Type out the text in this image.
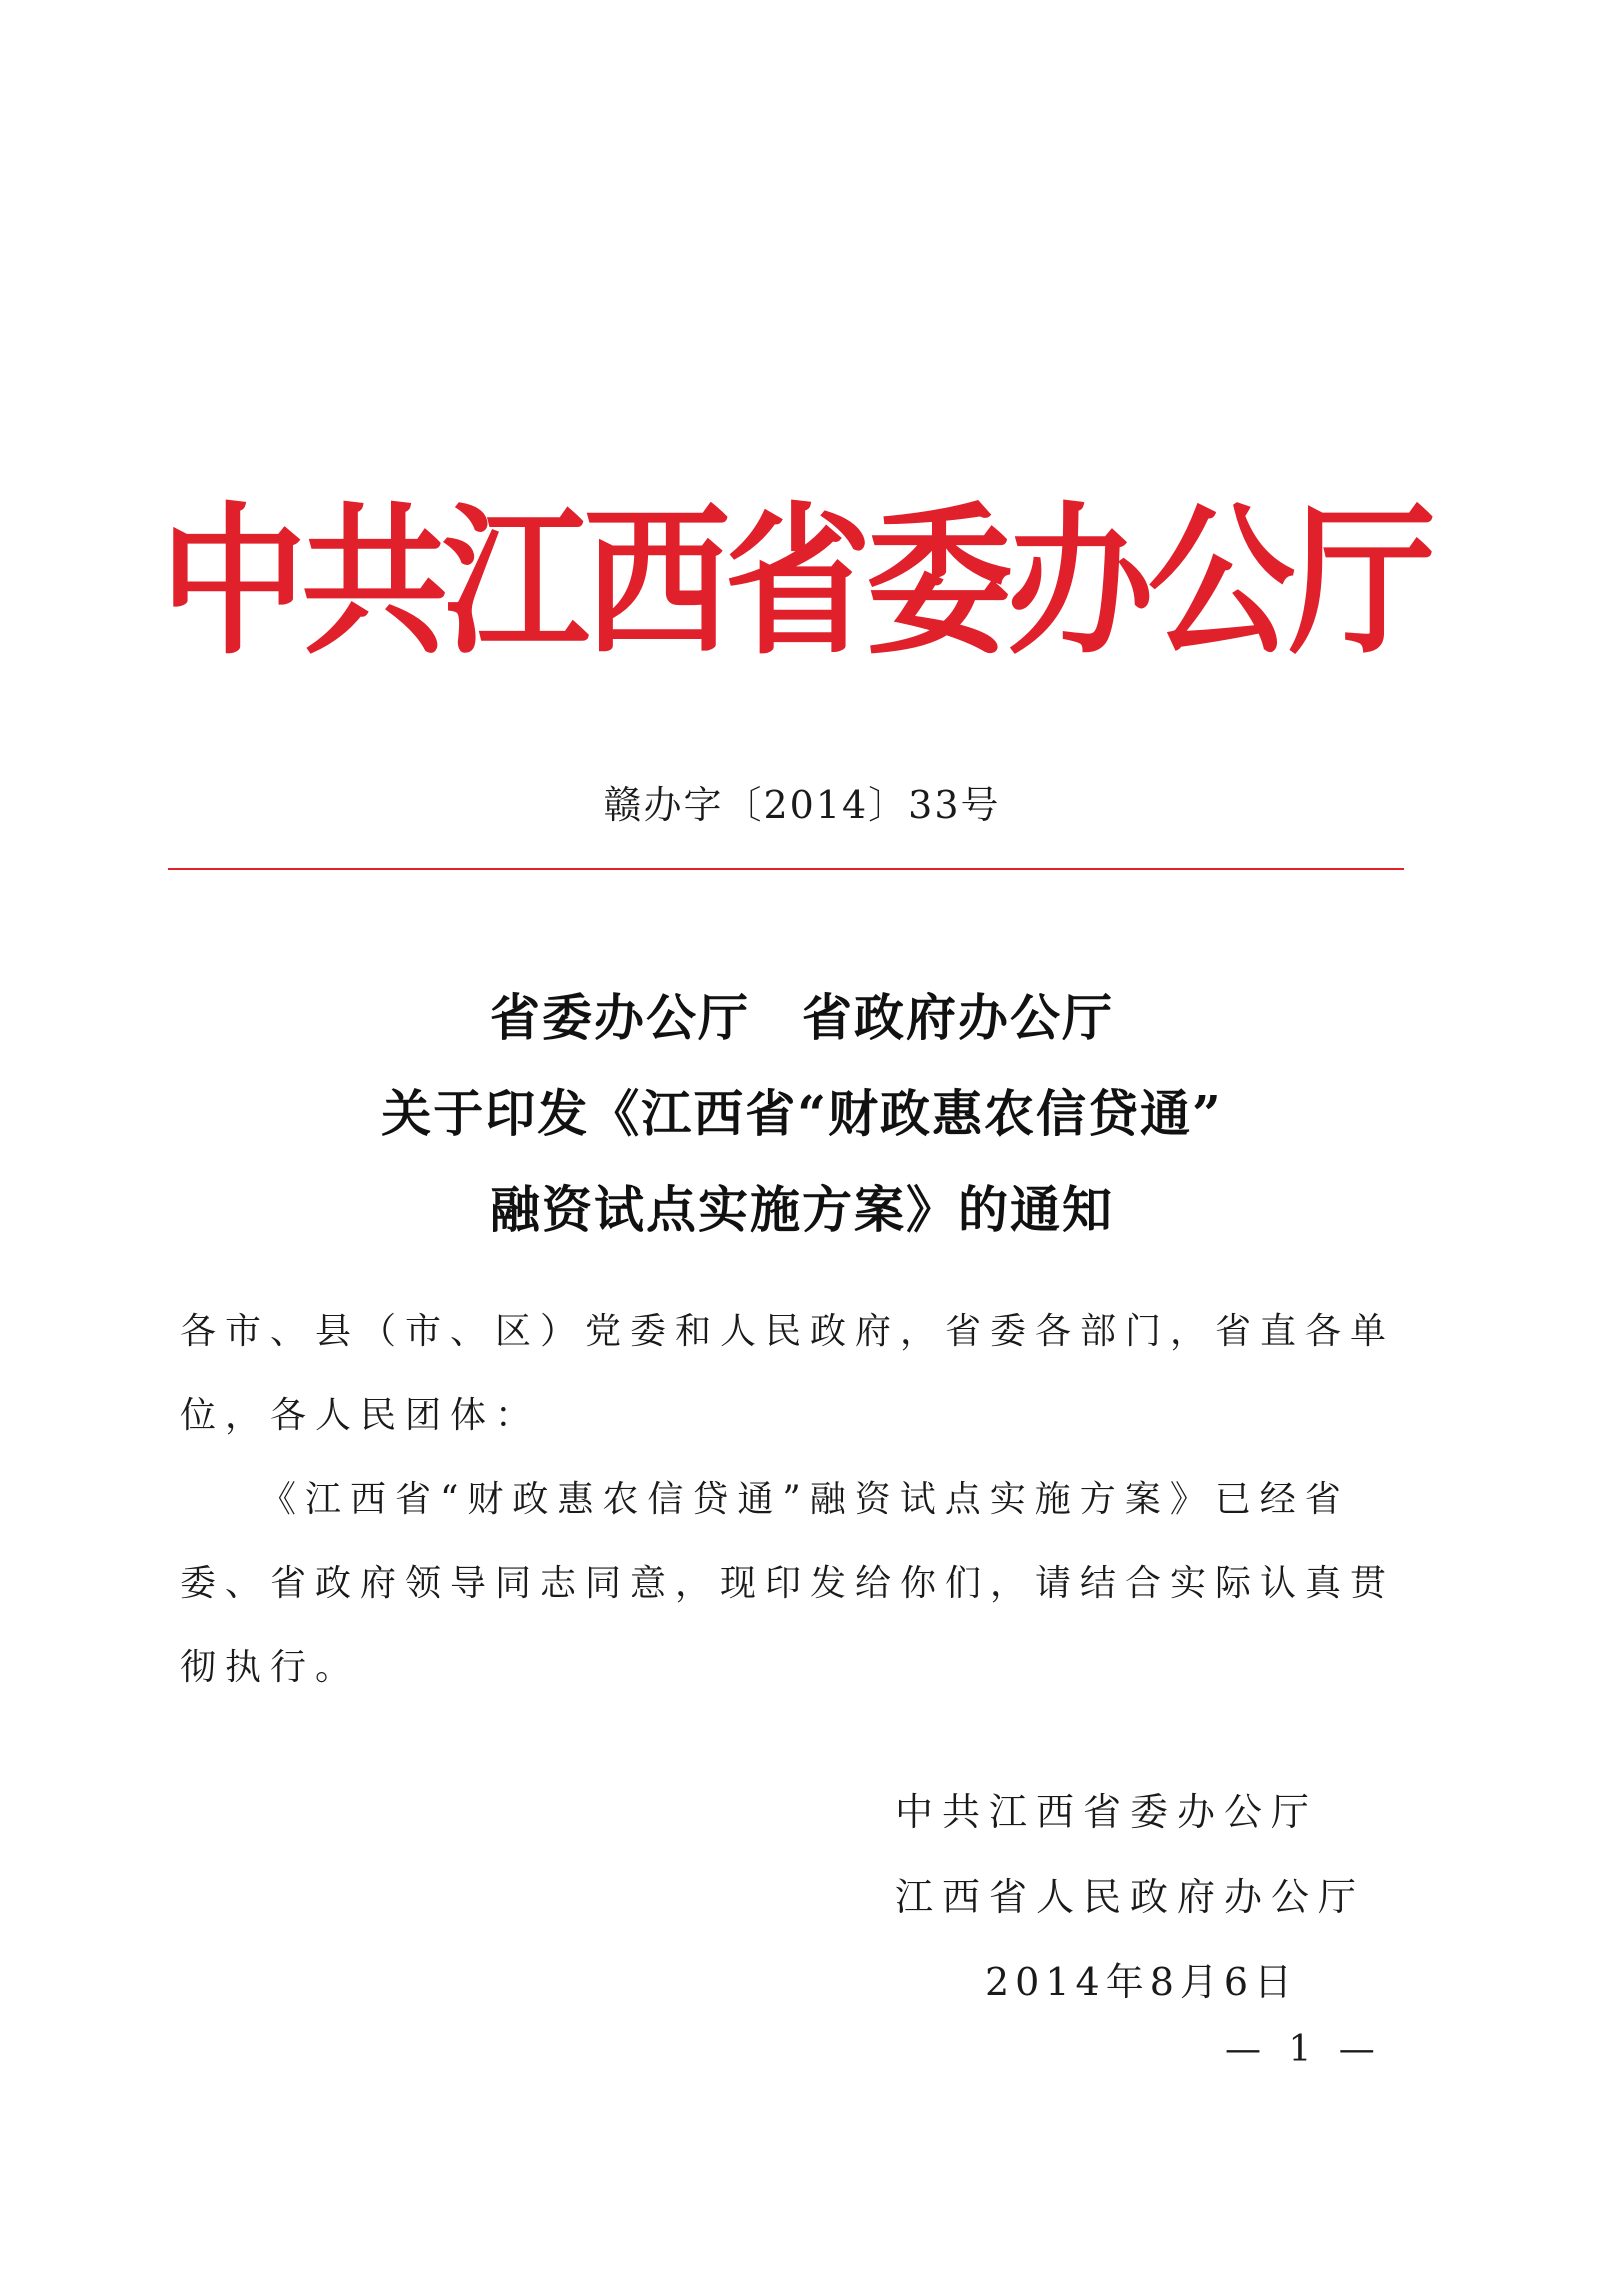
中共江西省委办公厅
赣办字〔2014〕33号
省委办公厅　省政府办公厅
关于印发《江西省“财政惠农信贷通”
融资试点实施方案》的通知

各市、县（市、区）党委和人民政府，省委各部门，省直各单位，各人民团体：

《江西省“财政惠农信贷通”融资试点实施方案》已经省委、省政府领导同志同意，现印发给你们，请结合实际认真贯彻执行。

中共江西省委办公厅
江西省人民政府办公厅
2014年8月6日
— 1 —
